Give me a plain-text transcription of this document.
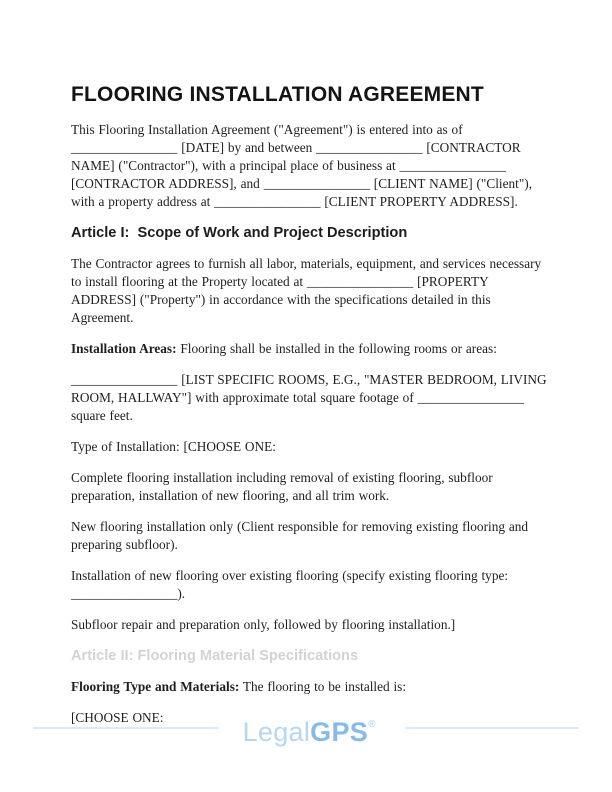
FLOORING INSTALLATION AGREEMENT

This Flooring Installation Agreement ("Agreement") is entered into as of ________________ [DATE] by and between ________________ [CONTRACTOR NAME] ("Contractor"), with a principal place of business at ________________ [CONTRACTOR ADDRESS], and ________________ [CLIENT NAME] ("Client"), with a property address at ________________ [CLIENT PROPERTY ADDRESS].

Article I:  Scope of Work and Project Description

The Contractor agrees to furnish all labor, materials, equipment, and services necessary to install flooring at the Property located at ________________ [PROPERTY ADDRESS] ("Property") in accordance with the specifications detailed in this Agreement.

Installation Areas: Flooring shall be installed in the following rooms or areas:

________________ [LIST SPECIFIC ROOMS, E.G., "MASTER BEDROOM, LIVING ROOM, HALLWAY"] with approximate total square footage of ________________ square feet.

Type of Installation: [CHOOSE ONE:

Complete flooring installation including removal of existing flooring, subfloor preparation, installation of new flooring, and all trim work.

New flooring installation only (Client responsible for removing existing flooring and preparing subfloor).

Installation of new flooring over existing flooring (specify existing flooring type: ________________).

Subfloor repair and preparation only, followed by flooring installation.]

Article II: Flooring Material Specifications

Flooring Type and Materials: The flooring to be installed is:

[CHOOSE ONE:	LegalGPS®
